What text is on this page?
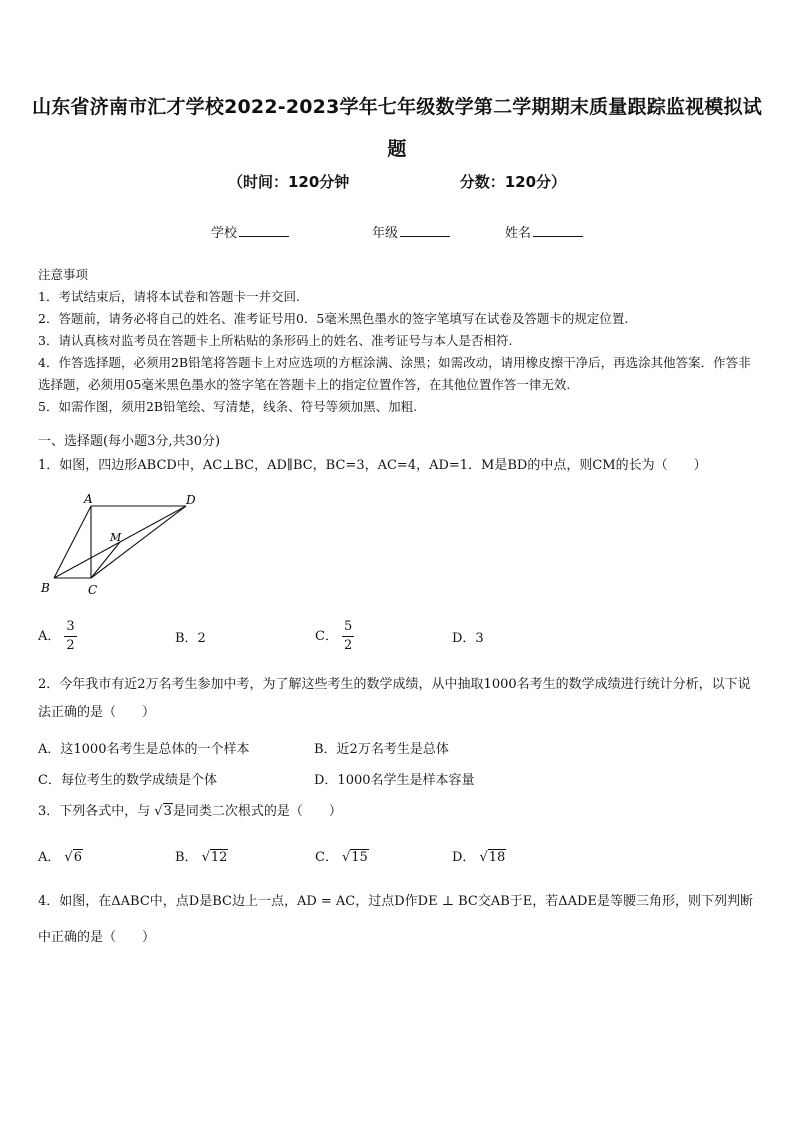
山东省济南市汇才学校2022-2023学年七年级数学第二学期期末质量跟踪监视模拟试题
（时间：120分钟	分数：120分）
学校	年级	姓名

注意事项

1．考试结束后，请将本试卷和答题卡一并交回.

2．答题前，请务必将自己的姓名、准考证号用0．5毫米黑色墨水的签字笔填写在试卷及答题卡的规定位置.

3．请认真核对监考员在答题卡上所粘贴的条形码上的姓名、准考证号与本人是否相符.

4．作答选择题，必须用2B铅笔将答题卡上对应选项的方框涂满、涂黑；如需改动，请用橡皮擦干净后，再选涂其他答案．作答非选择题，必须用05毫米黑色墨水的签字笔在答题卡上的指定位置作答，在其他位置作答一律无效.

5．如需作图，须用2B铅笔绘、写清楚，线条、符号等须加黑、加粗.

一、选择题(每小题3分,共30分)

1．如图，四边形ABCD中，AC⊥BC，AD∥BC，BC=3，AC=4，AD=1．M是BD的中点，则CM的长为（　　）

A	D
M
B	C
A． $\frac{3}{2}$	B．2	C． $\frac{5}{2}$	D．3

2．今年我市有近2万名考生参加中考，为了解这些考生的数学成绩，从中抽取1000名考生的数学成绩进行统计分析，以下说法正确的是（　　）

A．这1000名考生是总体的一个样本	B．近2万名考生是总体
C．每位考生的数学成绩是个体	D．1000名学生是样本容量

3．下列各式中，与 √3是同类二次根式的是（　　）

A． √6	B． √12	C． √15	D． √18

4．如图，在ΔABC中，点D是BC边上一点，AD = AC，过点D作DE ⊥ BC交AB于E，若ΔADE是等腰三角形，则下列判断中正确的是（　　）
